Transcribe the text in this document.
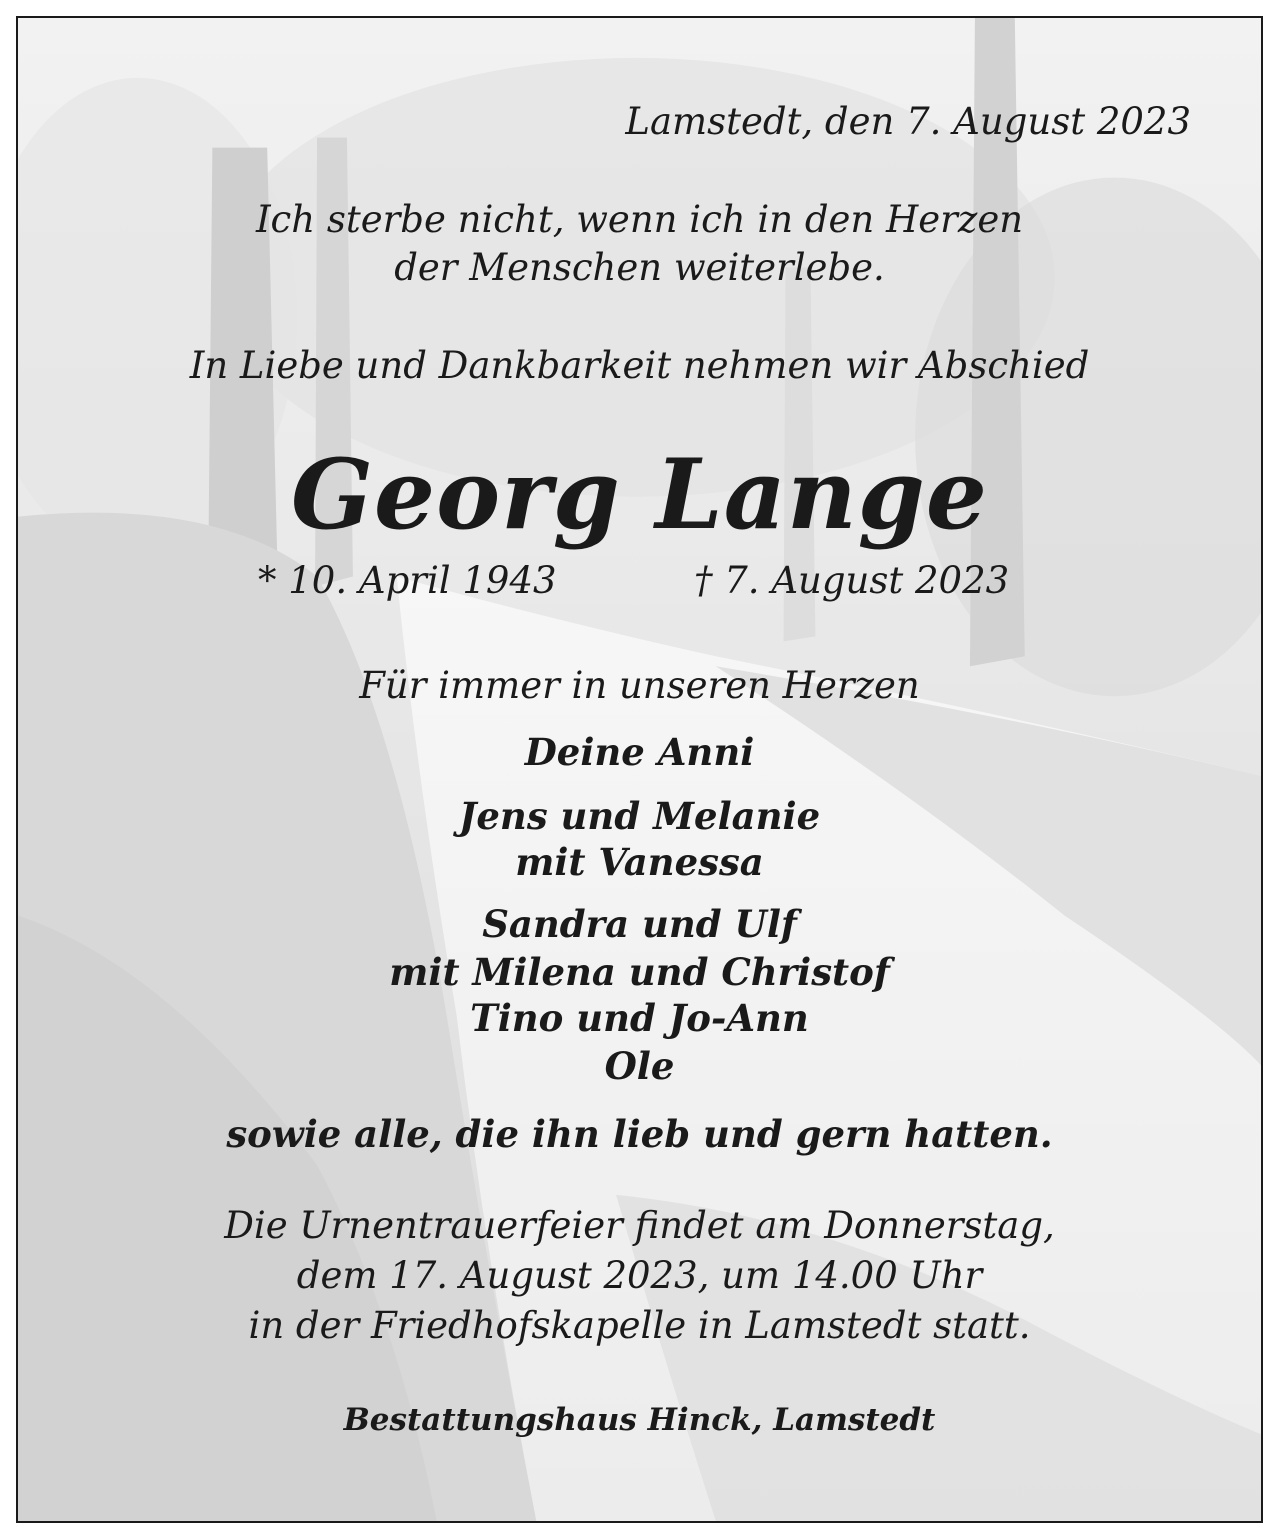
Lamstedt, den 7. August 2023
Ich sterbe nicht, wenn ich in den Herzen
der Menschen weiterlebe.
In Liebe und Dankbarkeit nehmen wir Abschied
Georg Lange
* 10. April 1943	† 7. August 2023
Für immer in unseren Herzen
Deine Anni
Jens und Melanie
mit Vanessa
Sandra und Ulf
mit Milena und Christof
Tino und Jo-Ann
Ole
sowie alle, die ihn lieb und gern hatten.
Die Urnentrauerfeier findet am Donnerstag,
dem 17. August 2023, um 14.00 Uhr
in der Friedhofskapelle in Lamstedt statt.
Bestattungshaus Hinck, Lamstedt
